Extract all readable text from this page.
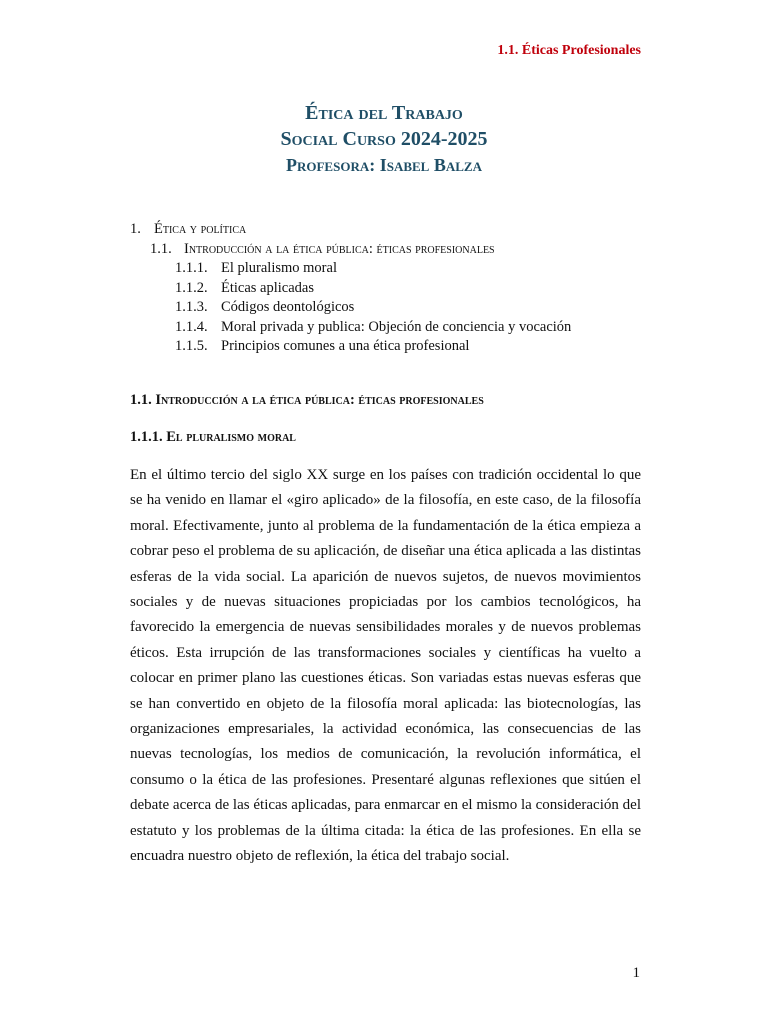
1.1. Éticas Profesionales
Ética del Trabajo
Social Curso 2024-2025
Profesora: Isabel Balza
1. Ética y política
1.1. Introducción a la ética pública: éticas profesionales
1.1.1. El pluralismo moral
1.1.2. Éticas aplicadas
1.1.3. Códigos deontológicos
1.1.4. Moral privada y publica: Objeción de conciencia y vocación
1.1.5. Principios comunes a una ética profesional
1.1. Introducción a la ética pública: éticas profesionales
1.1.1. El pluralismo moral

En el último tercio del siglo XX surge en los países con tradición occidental lo que se ha venido en llamar el «giro aplicado» de la filosofía, en este caso, de la filosofía moral. Efectivamente, junto al problema de la fundamentación de la ética empieza a cobrar peso el problema de su aplicación, de diseñar una ética aplicada a las distintas esferas de la vida social. La aparición de nuevos sujetos, de nuevos movimientos sociales y de nuevas situaciones propiciadas por los cambios tecnológicos, ha favorecido la emergencia de nuevas sensibilidades morales y de nuevos problemas éticos. Esta irrupción de las transformaciones sociales y científicas ha vuelto a colocar en primer plano las cuestiones éticas. Son variadas estas nuevas esferas que se han convertido en objeto de la filosofía moral aplicada: las biotecnologías, las organizaciones empresariales, la actividad económica, las consecuencias de las nuevas tecnologías, los medios de comunicación, la revolución informática, el consumo o la ética de las profesiones. Presentaré algunas reflexiones que sitúen el debate acerca de las éticas aplicadas, para enmarcar en el mismo la consideración del estatuto y los problemas de la última citada: la ética de las profesiones. En ella se encuadra nuestro objeto de reflexión, la ética del trabajo social.

1
